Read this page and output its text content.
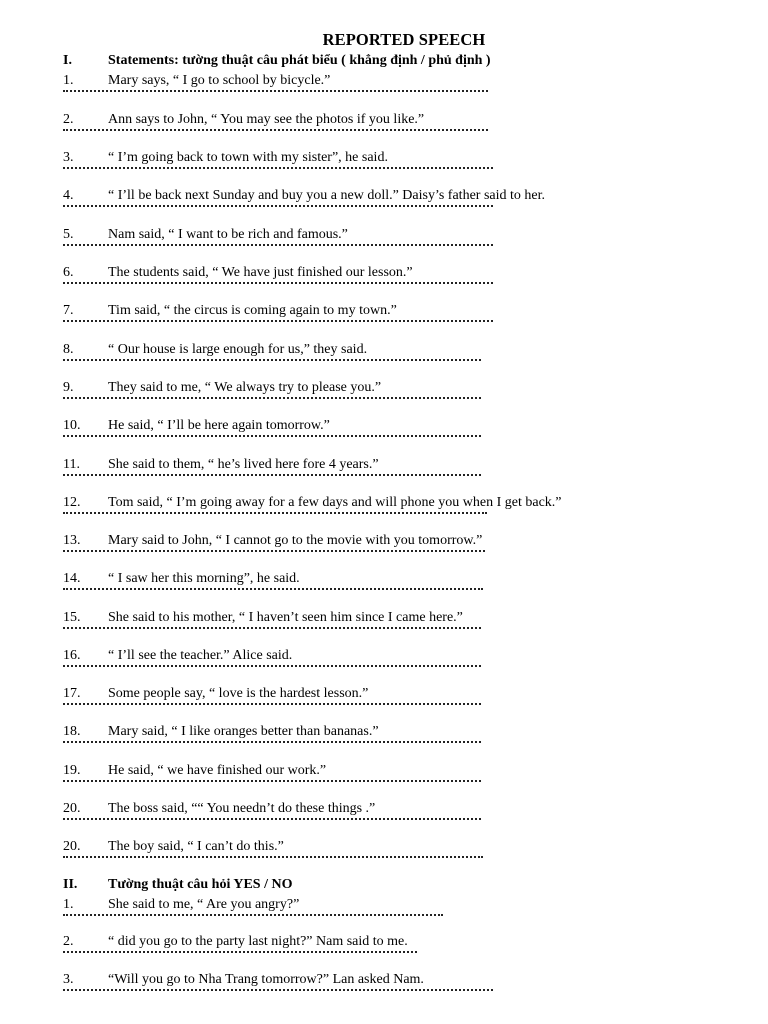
REPORTED SPEECH
I.	Statements: tường thuật câu phát biểu ( khẳng định / phủ định )
1. Mary says, “ I go to school by bicycle.”
2. Ann says to John, “ You may see the photos if you like.”
3. “ I’m going back to town with my sister”, he said.
4. “ I’ll be back next Sunday and buy you a new doll.” Daisy’s father said to her.
5. Nam said, “ I want to be rich and famous.”
6. The students said, “ We have just finished our lesson.”
7. Tim said, “ the circus is coming again to my town.”
8. “ Our house is large enough for us,” they said.
9. They said to me, “ We always try to please you.”
10. He said, “ I’ll be here again tomorrow.”
11. She said to them, “ he’s lived here fore 4 years.”
12. Tom said, “ I’m going away for a few days and will phone you when I get back.”
13. Mary said to John, “ I cannot go to the movie with you tomorrow.”
14. “ I saw her this morning”, he said.
15. She said to his mother, “ I haven’t seen him since I came here.”
16. “ I’ll see the teacher.” Alice said.
17. Some people say, “ love is the hardest lesson.”
18. Mary said, “ I like oranges better than bananas.”
19. He said, “ we have finished our work.”
20. The boss said, ““ You needn’t do these things .”
20. The boy said, “ I can’t do this.”
II. Tường thuật câu hỏi YES / NO
1. She said to me, “ Are you angry?”
2. “ did you go to the party last night?” Nam said to me.
3. “Will you go to Nha Trang tomorrow?” Lan asked Nam.
